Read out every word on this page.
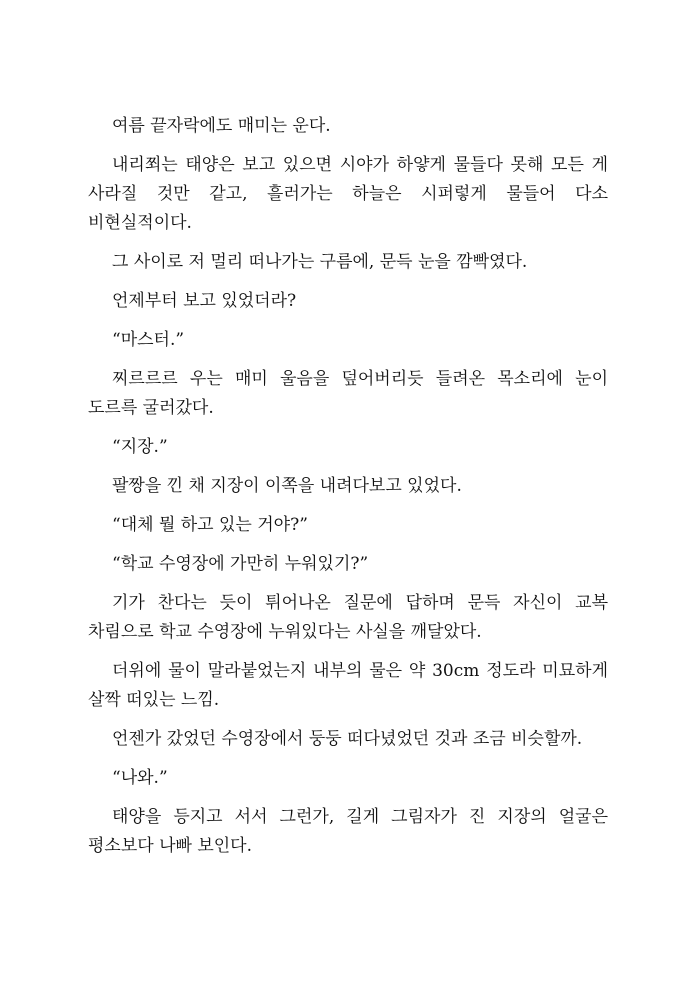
여름 끝자락에도 매미는 운다.

내리쬐는 태양은 보고 있으면 시야가 하얗게 물들다 못해 모든 게 사라질 것만 같고, 흘러가는 하늘은 시퍼렇게 물들어 다소 비현실적이다.

그 사이로 저 멀리 떠나가는 구름에, 문득 눈을 깜빡였다.

언제부터 보고 있었더라?

“마스터.”

찌르르르 우는 매미 울음을 덮어버리듯 들려온 목소리에 눈이 도르륵 굴러갔다.

“지장.”

팔짱을 낀 채 지장이 이쪽을 내려다보고 있었다.

“대체 뭘 하고 있는 거야?”

“학교 수영장에 가만히 누워있기?”

기가 찬다는 듯이 튀어나온 질문에 답하며 문득 자신이 교복 차림으로 학교 수영장에 누워있다는 사실을 깨달았다.

더위에 물이 말라붙었는지 내부의 물은 약 30cm 정도라 미묘하게 살짝 떠있는 느낌.

언젠가 갔었던 수영장에서 둥둥 떠다녔었던 것과 조금 비슷할까.

“나와.”

태양을 등지고 서서 그런가, 길게 그림자가 진 지장의 얼굴은 평소보다 나빠 보인다.
